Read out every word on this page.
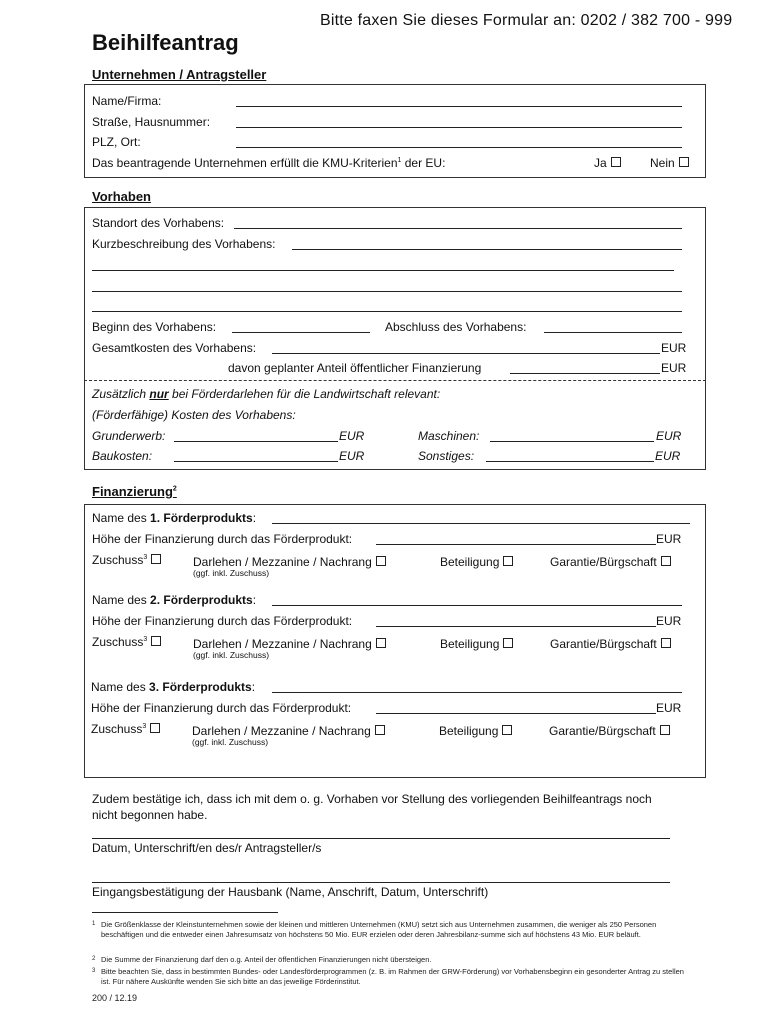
Bitte faxen Sie dieses Formular an: 0202 / 382 700 - 999
Beihilfeantrag
Unternehmen / Antragsteller
Name/Firma:
Straße, Hausnummer:
PLZ, Ort:
Das beantragende Unternehmen erfüllt die KMU-Kriterien$^1$ der EU:	Ja	Nein
Vorhaben
Standort des Vorhabens:
Kurzbeschreibung des Vorhabens:
Beginn des Vorhabens:	Abschluss des Vorhabens:
Gesamtkosten des Vorhabens:	EUR
davon geplanter Anteil öffentlicher Finanzierung	EUR
Zusätzlich nur bei Förderdarlehen für die Landwirtschaft relevant:
(Förderfähige) Kosten des Vorhabens:
Grunderwerb:	EUR	Maschinen:	EUR
Baukosten:	EUR	Sonstiges:	EUR
Finanzierung$^2$
Name des 1. Förderprodukts:
Höhe der Finanzierung durch das Förderprodukt:	EUR
Zuschuss$^3$	Darlehen / Mezzanine / Nachrang
(ggf. inkl. Zuschuss)
Beteiligung	Garantie/Bürgschaft
Name des 2. Förderprodukts:
Höhe der Finanzierung durch das Förderprodukt:	EUR
Zuschuss$^3$	Darlehen / Mezzanine / Nachrang
(ggf. inkl. Zuschuss)
Beteiligung	Garantie/Bürgschaft
Name des 3. Förderprodukts:
Höhe der Finanzierung durch das Förderprodukt:	EUR
Zuschuss$^3$	Darlehen / Mezzanine / Nachrang
(ggf. inkl. Zuschuss)
Beteiligung	Garantie/Bürgschaft
Zudem bestätige ich, dass ich mit dem o. g. Vorhaben vor Stellung des vorliegenden Beihilfeantrags noch
nicht begonnen habe.
Datum, Unterschrift/en des/r Antragsteller/s
Eingangsbestätigung der Hausbank (Name, Anschrift, Datum, Unterschrift)
1 Die Größenklasse der Kleinstunternehmen sowie der kleinen und mittleren Unternehmen (KMU) setzt sich aus Unternehmen zusammen, die weniger als 250 Personen beschäftigen und die entweder einen Jahresumsatz von höchstens 50 Mio. EUR erzielen oder deren Jahresbilanz-summe sich auf höchstens 43 Mio. EUR beläuft.
2 Die Summe der Finanzierung darf den o.g. Anteil der öffentlichen Finanzierungen nicht übersteigen.
3 Bitte beachten Sie, dass in bestimmten Bundes- oder Landesförderprogrammen (z. B. im Rahmen der GRW-Förderung) vor Vorhabensbeginn ein gesonderter Antrag zu stellen ist. Für nähere Auskünfte wenden Sie sich bitte an das jeweilige Förderinstitut.
200 / 12.19
